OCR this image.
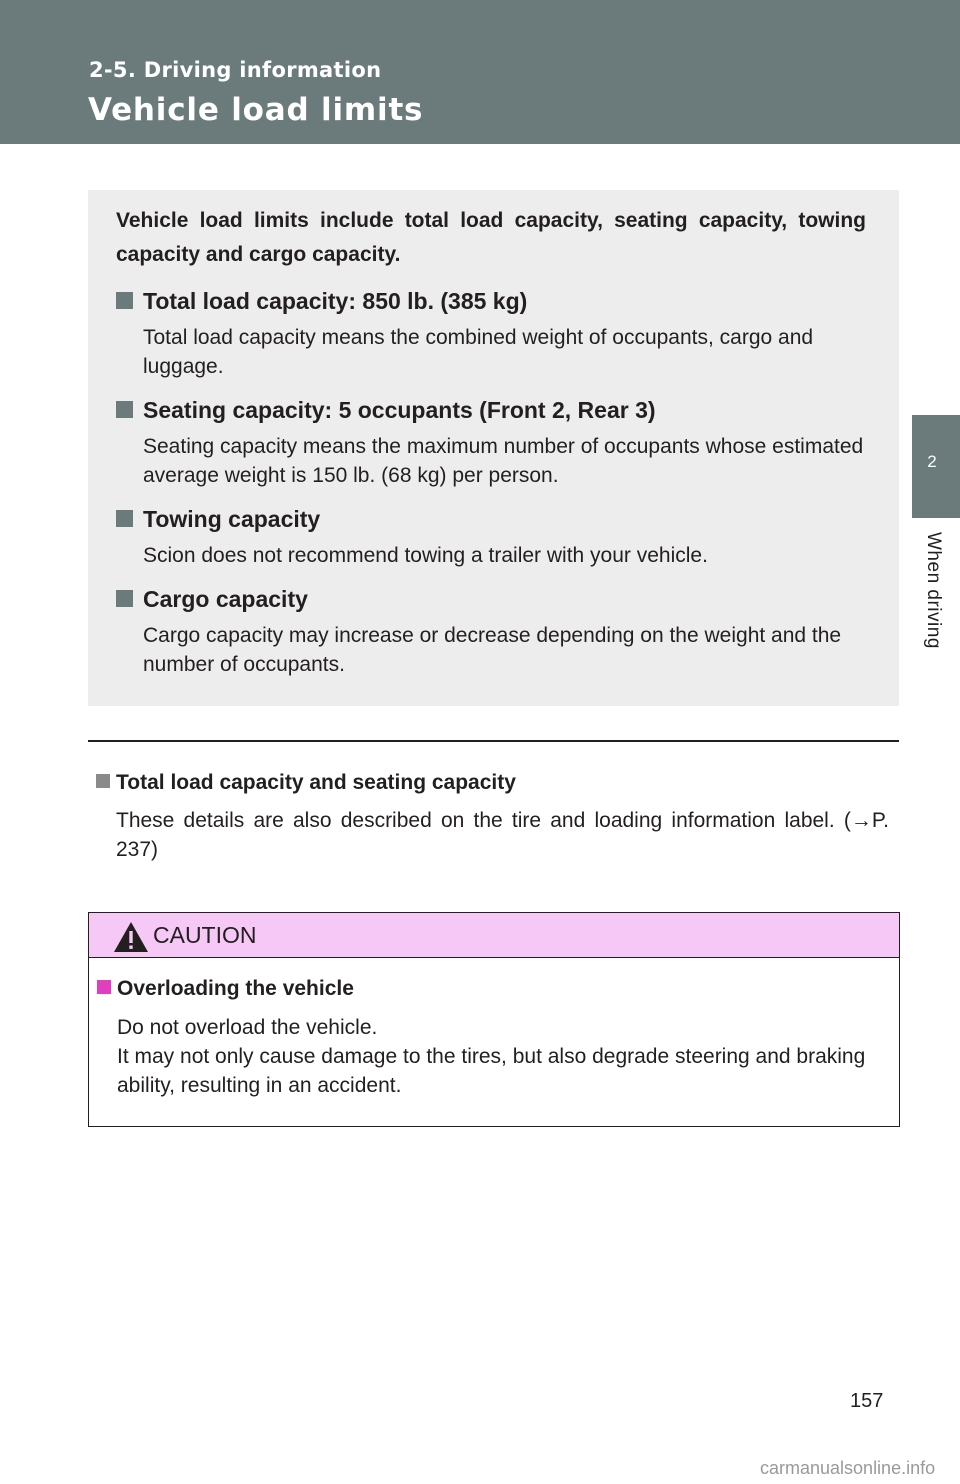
2-5. Driving information
Vehicle load limits
2
When driving

Vehicle load limits include total load capacity, seating capacity, towing capacity and cargo capacity.

Total load capacity: 850 lb. (385 kg)

Total load capacity means the combined weight of occupants, cargo and luggage.

Seating capacity: 5 occupants (Front 2, Rear 3)

Seating capacity means the maximum number of occupants whose estimated average weight is 150 lb. (68 kg) per person.

Towing capacity

Scion does not recommend towing a trailer with your vehicle.

Cargo capacity

Cargo capacity may increase or decrease depending on the weight and the number of occupants.

Total load capacity and seating capacity

These details are also described on the tire and loading information label. (→P. 237)

CAUTION

Overloading the vehicle

Do not overload the vehicle.
It may not only cause damage to the tires, but also degrade steering and braking ability, resulting in an accident.
157
carmanualsonline.info
